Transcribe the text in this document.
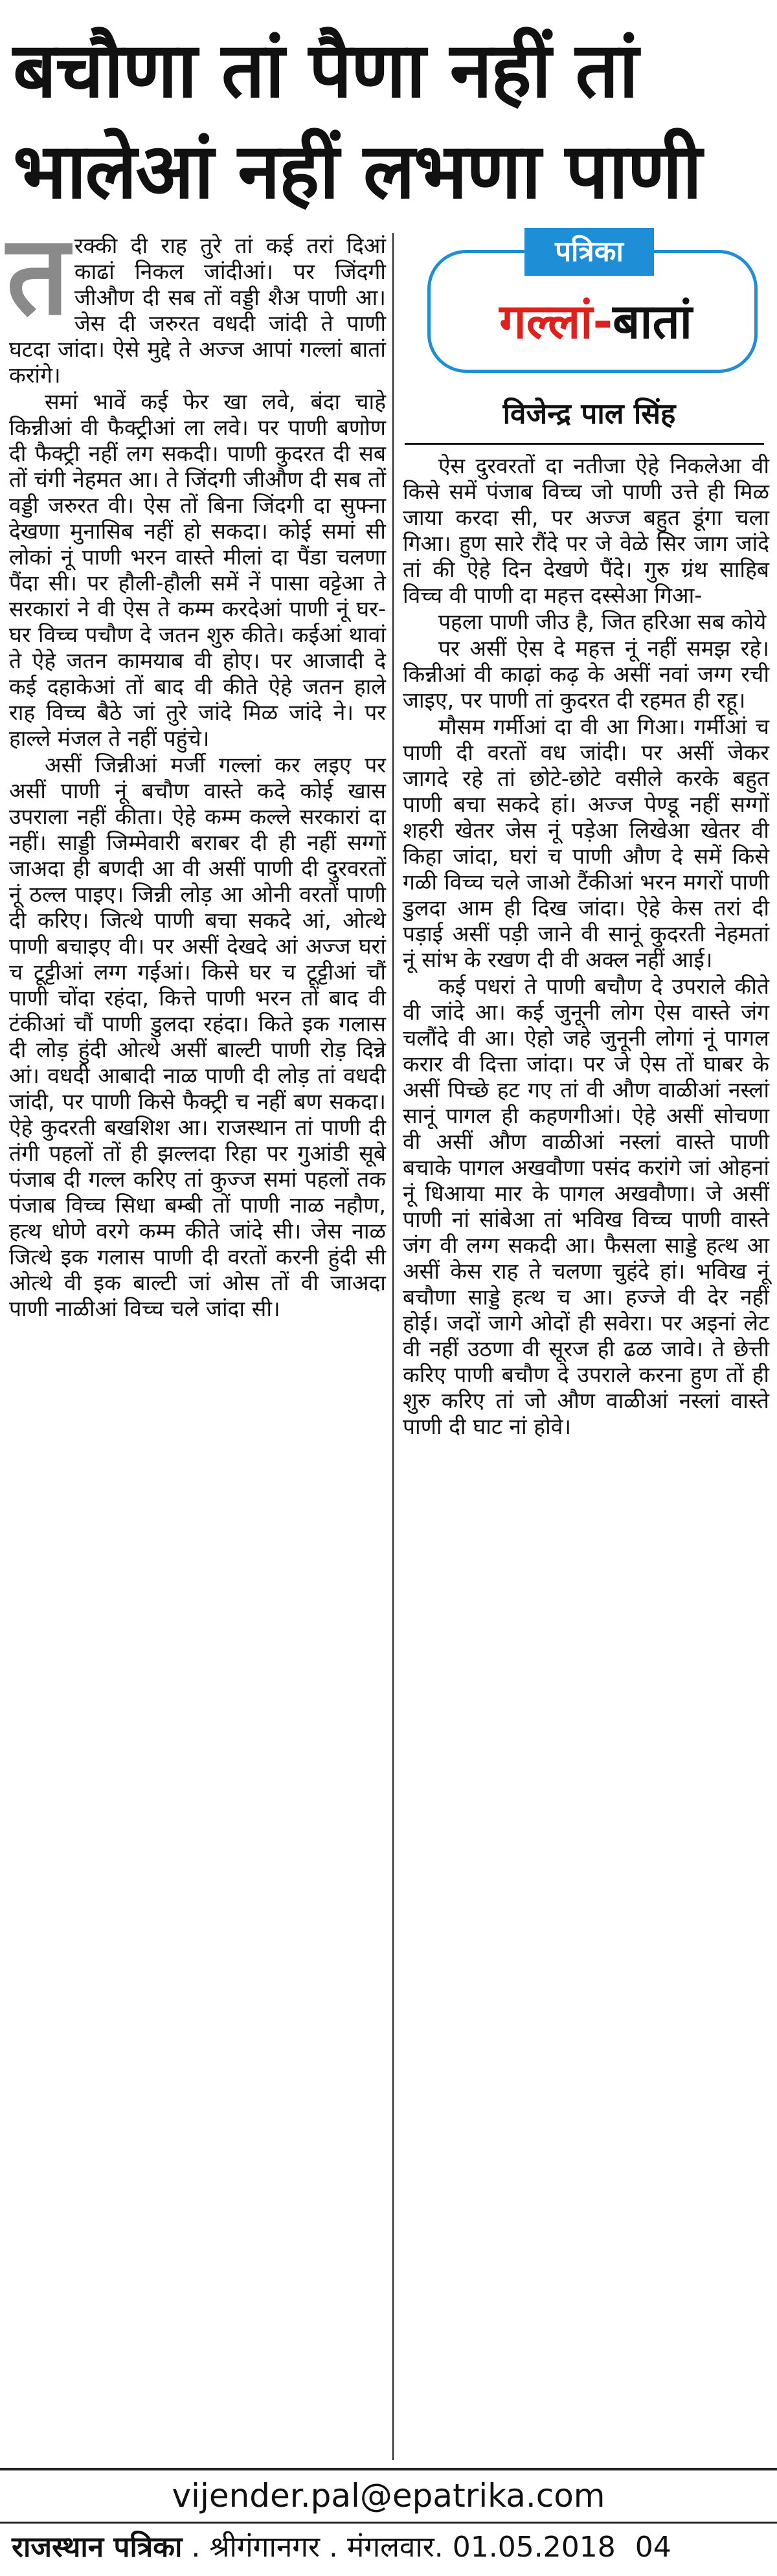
बचौणा तां पैणा नहीं तां
भालेआं नहीं लभणा पाणी
पत्रिका
गल्लां-बातां
विजेन्द्र पाल सिंह

तरक्की दी राह तुरे तां कई तरां दिआं काढां निकल जांदीआं। पर जिंदगी जीऔण दी सब तों वड्डी शैअ पाणी आ। जेस दी जरुरत वधदी जांदी ते पाणी घटदा जांदा। ऐसे मुद्दे ते अज्ज आपां गल्लां बातां करांगे।

समां भावें कई फेर खा लवे, बंदा चाहे किन्नीआं वी फैक्ट्रीआं ला लवे। पर पाणी बणोण दी फैक्ट्री नहीं लग सकदी। पाणी कुदरत दी सब तों चंगी नेहमत आ। ते जिंदगी जीऔण दी सब तों वड्डी जरुरत वी। ऐस तों बिना जिंदगी दा सुफ्ना देखणा मुनासिब नहीं हो सकदा। कोई समां सी लोकां नूं पाणी भरन वास्ते मीलां दा पैंडा चलणा पैंदा सी। पर हौली-हौली समें नें पासा वट्टेआ ते सरकारां ने वी ऐस ते कम्म करदेआं पाणी नूं घर-घर विच्च पचौण दे जतन शुरु कीते। कईआं थावां ते ऐहे जतन कामयाब वी होए। पर आजादी दे कई दहाकेआं तों बाद वी कीते ऐहे जतन हाले राह विच्च बैठे जां तुरे जांदे मिळ जांदे ने। पर हाल्ले मंजल ते नहीं पहुंचे।

असीं जिन्नीआं मर्जी गल्लां कर लइए पर असीं पाणी नूं बचौण वास्ते कदे कोई खास उपराला नहीं कीता। ऐहे कम्म कल्ले सरकारां दा नहीं। साड्डी जिम्मेवारी बराबर दी ही नहीं सग्गों जाअदा ही बणदी आ वी असीं पाणी दी दुरवरतों नूं ठल्ल पाइए। जिन्नी लोड़ आ ओनी वरतों पाणी दी करिए। जित्थे पाणी बचा सकदे आं, ओत्थे पाणी बचाइए वी। पर असीं देखदे आं अज्ज घरां च टूट्टीआं लग्ग गईआं। किसे घर च टूट्टीआं चौं पाणी चोंदा रहंदा, कित्ते पाणी भरन तों बाद वी टंकीआं चौं पाणी डुलदा रहंदा। किते इक गलास दी लोड़ हुंदी ओत्थे असीं बाल्टी पाणी रोड़ दिन्ने आं। वधदी आबादी नाळ पाणी दी लोड़ तां वधदी जांदी, पर पाणी किसे फैक्ट्री च नहीं बण सकदा। ऐहे कुदरती बखशिश आ। राजस्थान तां पाणी दी तंगी पहलों तों ही झल्लदा रिहा पर गुआंडी सूबे पंजाब दी गल्ल करिए तां कुज्ज समां पहलों तक पंजाब विच्च सिधा बम्बी तों पाणी नाळ नहौण, हत्थ धोणे वरगे कम्म कीते जांदे सी। जेस नाळ जित्थे इक गलास पाणी दी वरतों करनी हुंदी सी ओत्थे वी इक बाल्टी जां ओस तों वी जाअदा पाणी नाळीआं विच्च चले जांदा सी।

ऐस दुरवरतों दा नतीजा ऐहे निकलेआ वी किसे समें पंजाब विच्च जो पाणी उत्ते ही मिळ जाया करदा सी, पर अज्ज बहुत डूंगा चला गिआ। हुण सारे रौंदे पर जे वेळे सिर जाग जांदे तां की ऐहे दिन देखणे पैंदे। गुरु ग्रंथ साहिब विच्च वी पाणी दा महत्त दस्सेआ गिआ-

पहला पाणी जीउ है, जित हरिआ सब कोये

पर असीं ऐस दे महत्त नूं नहीं समझ रहे। किन्नीआं वी काढ़ां कढ़ के असीं नवां जग्ग रची जाइए, पर पाणी तां कुदरत दी रहमत ही रहू।

मौसम गर्मीआं दा वी आ गिआ। गर्मीआं च पाणी दी वरतों वध जांदी। पर असीं जेकर जागदे रहे तां छोटे-छोटे वसीले करके बहुत पाणी बचा सकदे हां। अज्ज पेण्डू नहीं सग्गों शहरी खेतर जेस नूं पड़ेआ लिखेआ खेतर वी किहा जांदा, घरां च पाणी औण दे समें किसे गळी विच्च चले जाओ टैंकीआं भरन मगरों पाणी डुलदा आम ही दिख जांदा। ऐहे केस तरां दी पड़ाई असीं पड़ी जाने वी सानूं कुदरती नेहमतां नूं सांभ के रखण दी वी अक्ल नहीं आई।

कई पधरां ते पाणी बचौण दे उपराले कीते वी जांदे आ। कई जुनूनी लोग ऐस वास्ते जंग चलौंदे वी आ। ऐहो जहे जुनूनी लोगां नूं पागल करार वी दित्ता जांदा। पर जे ऐस तों घाबर के असीं पिच्छे हट गए तां वी औण वाळीआं नस्लां सानूं पागल ही कहणगीआं। ऐहे असीं सोचणा वी असीं औण वाळीआं नस्लां वास्ते पाणी बचाके पागल अखवौणा पसंद करांगे जां ओहनां नूं धिआया मार के पागल अखवौणा। जे असीं पाणी नां सांबेआ तां भविख विच्च पाणी वास्ते जंग वी लग्ग सकदी आ। फैसला साड्डे हत्थ आ असीं केस राह ते चलणा चुहंदे हां। भविख नूं बचौणा साड्डे हत्थ च आ। हज्जे वी देर नहीं होई। जदों जागे ओदों ही सवेरा। पर अइनां लेट वी नहीं उठणा वी सूरज ही ढळ जावे। ते छेत्ती करिए पाणी बचौण दे उपराले करना हुण तों ही शुरु करिए तां जो औण वाळीआं नस्लां वास्ते पाणी दी घाट नां होवे।

vijender.pal@epatrika.com
राजस्थान पत्रिका . श्रीगंगानगर . मंगलवार. 01.05.2018 04
